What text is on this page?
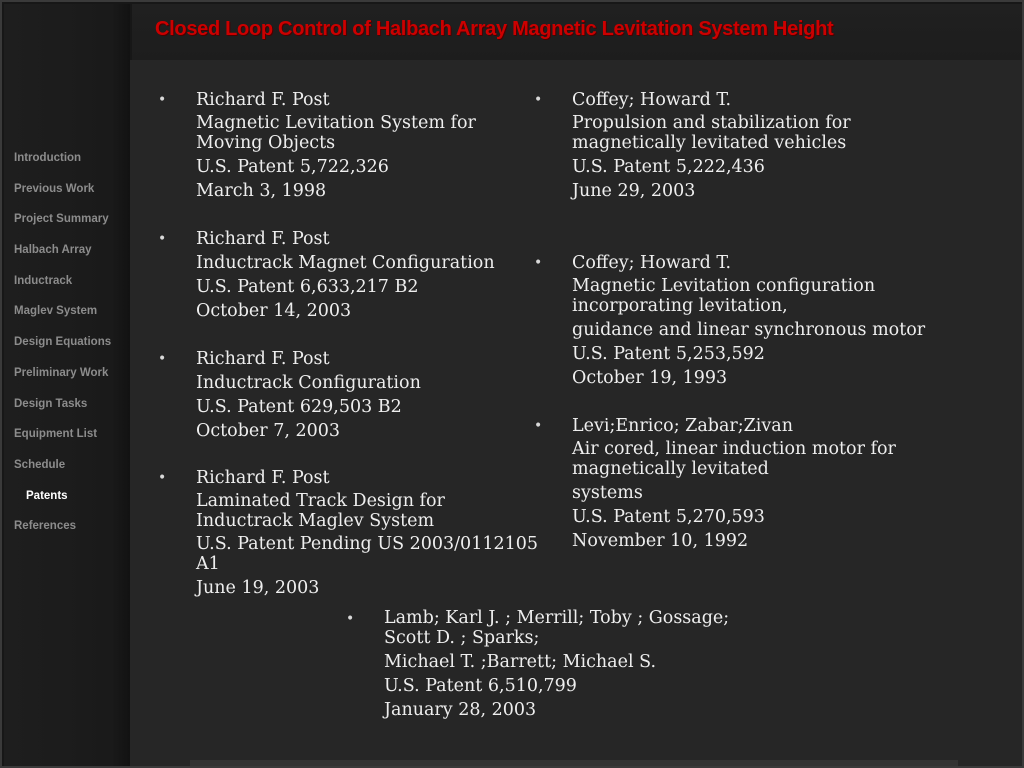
Introduction
Previous Work
Project Summary
Halbach Array
Inductrack
Maglev System
Design Equations
Preliminary Work
Design Tasks
Equipment List
Schedule
Patents
References
Closed Loop Control of Halbach Array Magnetic Levitation System Height
• Richard F. Post
Magnetic Levitation System for Moving Objects
U.S. Patent 5,722,326
March 3, 1998
• Richard F. Post
Inductrack Magnet Configuration
U.S. Patent 6,633,217 B2
October 14, 2003
• Richard F. Post
Inductrack Configuration
U.S. Patent 629,503 B2
October 7, 2003
• Richard F. Post
Laminated Track Design for Inductrack Maglev System
U.S. Patent Pending US 2003/0112105 A1
June 19, 2003
• Coffey; Howard T.
Propulsion and stabilization for magnetically levitated vehicles
U.S. Patent 5,222,436
June 29, 2003
• Coffey; Howard T.
Magnetic Levitation configuration incorporating levitation,
guidance and linear synchronous motor
U.S. Patent 5,253,592
October 19, 1993
• Levi;Enrico; Zabar;Zivan
Air cored, linear induction motor for magnetically levitated
systems
U.S. Patent 5,270,593
November 10, 1992
• Lamb; Karl J. ; Merrill; Toby ; Gossage; Scott D. ; Sparks;
Michael T. ;Barrett; Michael S.
U.S. Patent 6,510,799
January 28, 2003
